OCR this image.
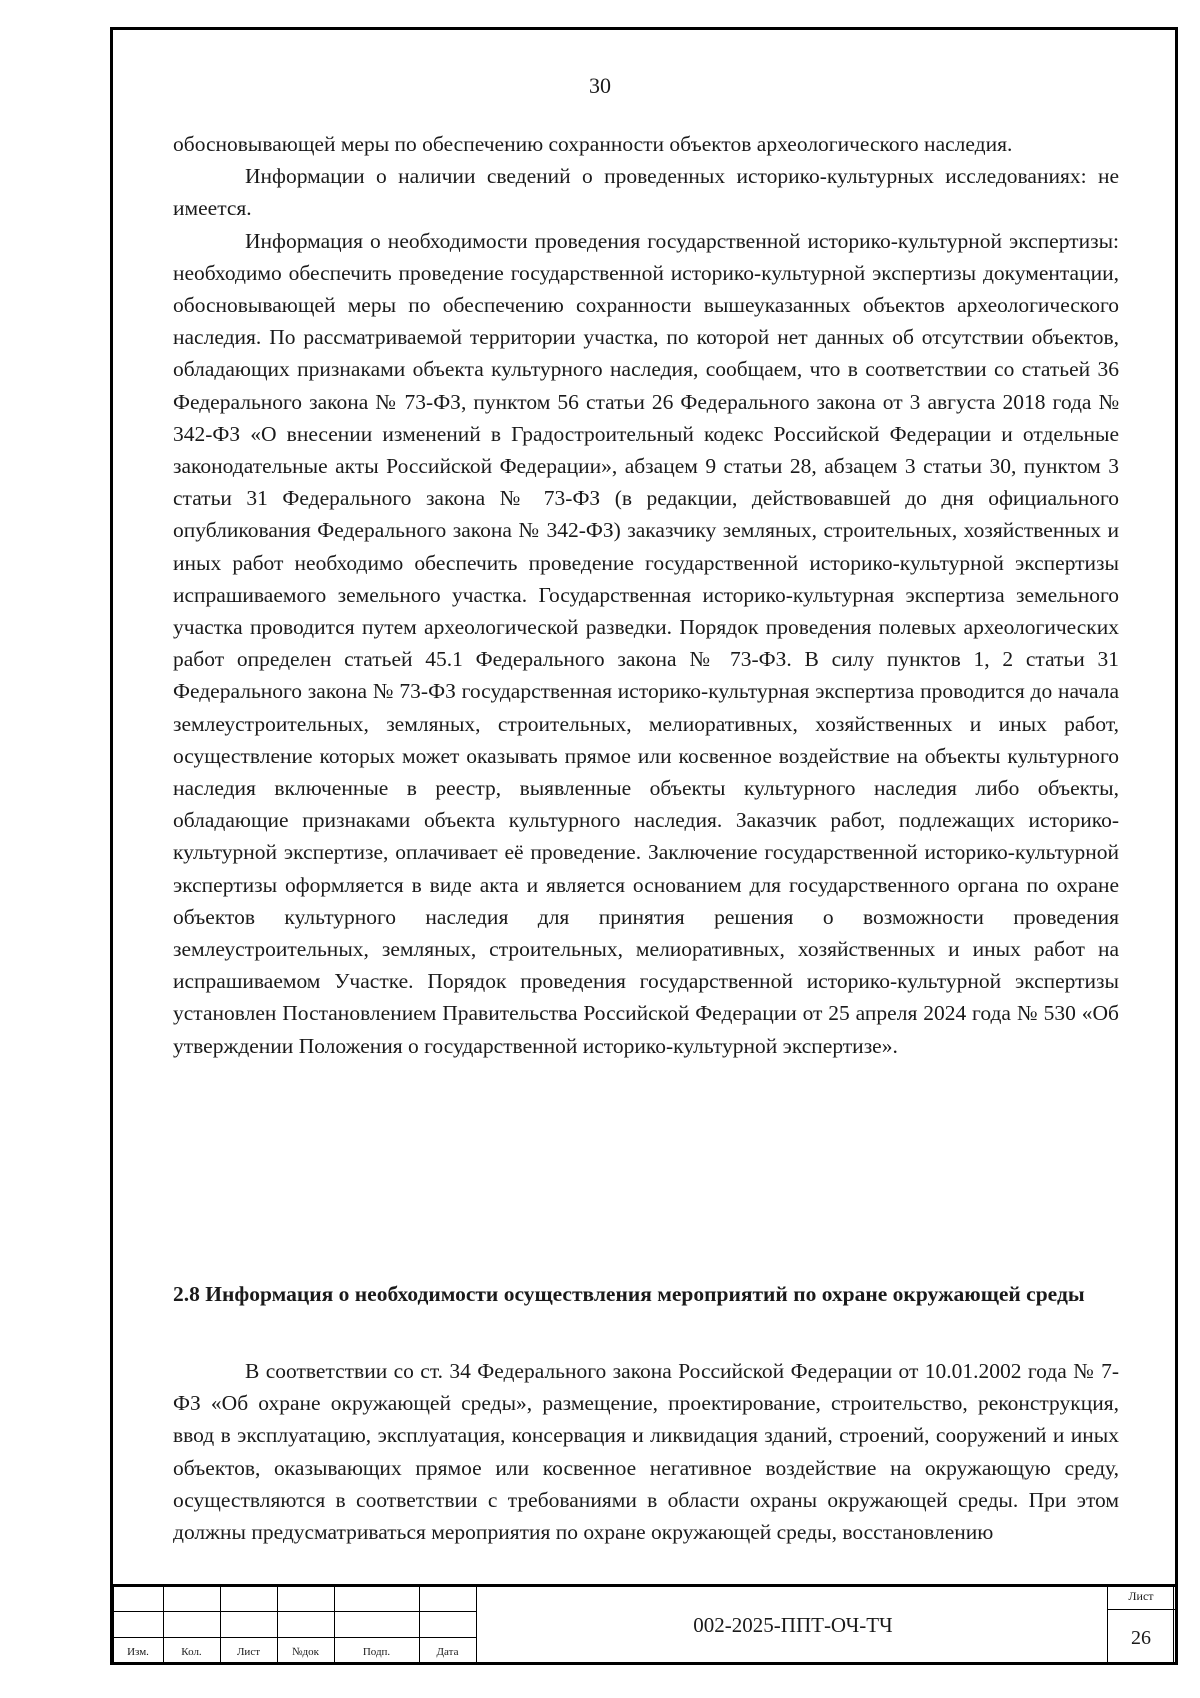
30

обосновывающей меры по обеспечению сохранности объектов археологического наследия.

Информации о наличии сведений о проведенных историко-культурных исследованиях: не имеется.

Информация о необходимости проведения государственной историко-культурной экспертизы: необходимо обеспечить проведение государственной историко-культурной экспертизы документации, обосновывающей меры по обеспечению сохранности вышеуказанных объектов археологического наследия. По рассматриваемой территории участка, по которой нет данных об отсутствии объектов, обладающих признаками объекта культурного наследия, сообщаем, что в соответствии со статьей 36 Федерального закона № 73-ФЗ, пунктом 56 статьи 26 Федерального закона от 3 августа 2018 года № 342-ФЗ «О внесении изменений в Градостроительный кодекс Российской Федерации и отдельные законодательные акты Российской Федерации», абзацем 9 статьи 28, абзацем 3 статьи 30, пунктом 3 статьи 31 Федерального закона № 73-ФЗ (в редакции, действовавшей до дня официального опубликования Федерального закона № 342-ФЗ) заказчику земляных, строительных, хозяйственных и иных работ необходимо обеспечить проведение государственной историко-культурной экспертизы испрашиваемого земельного участка. Государственная историко-культурная экспертиза земельного участка проводится путем археологической разведки. Порядок проведения полевых археологических работ определен статьей 45.1 Федерального закона № 73-ФЗ. В силу пунктов 1, 2 статьи 31 Федерального закона № 73-ФЗ государственная историко-культурная экспертиза проводится до начала землеустроительных, земляных, строительных, мелиоративных, хозяйственных и иных работ, осуществление которых может оказывать прямое или косвенное воздействие на объекты культурного наследия включенные в реестр, выявленные объекты культурного наследия либо объекты, обладающие признаками объекта культурного наследия. Заказчик работ, подлежащих историко-культурной экспертизе, оплачивает её проведение. Заключение государственной историко-культурной экспертизы оформляется в виде акта и является основанием для государственного органа по охране объектов культурного наследия для принятия решения о возможности проведения землеустроительных, земляных, строительных, мелиоративных, хозяйственных и иных работ на испрашиваемом Участке. Порядок проведения государственной историко-культурной экспертизы установлен Постановлением Правительства Российской Федерации от 25 апреля 2024 года № 530 «Об утверждении Положения о государственной историко-культурной экспертизе».

2.8 Информация о необходимости осуществления мероприятий по охране окружающей среды

В соответствии со ст. 34 Федерального закона Российской Федерации от 10.01.2002 года № 7-ФЗ «Об охране окружающей среды», размещение, проектирование, строительство, реконструкция, ввод в эксплуатацию, эксплуатация, консервация и ликвидация зданий, строений, сооружений и иных объектов, оказывающих прямое или косвенное негативное воздействие на окружающую среду, осуществляются в соответствии с требованиями в области охраны окружающей среды. При этом должны предусматриваться мероприятия по охране окружающей среды, восстановлению

Изм.	Кол.	Лист	№док	Подп.	Дата
002-2025-ППТ-ОЧ-ТЧ
Лист
26
